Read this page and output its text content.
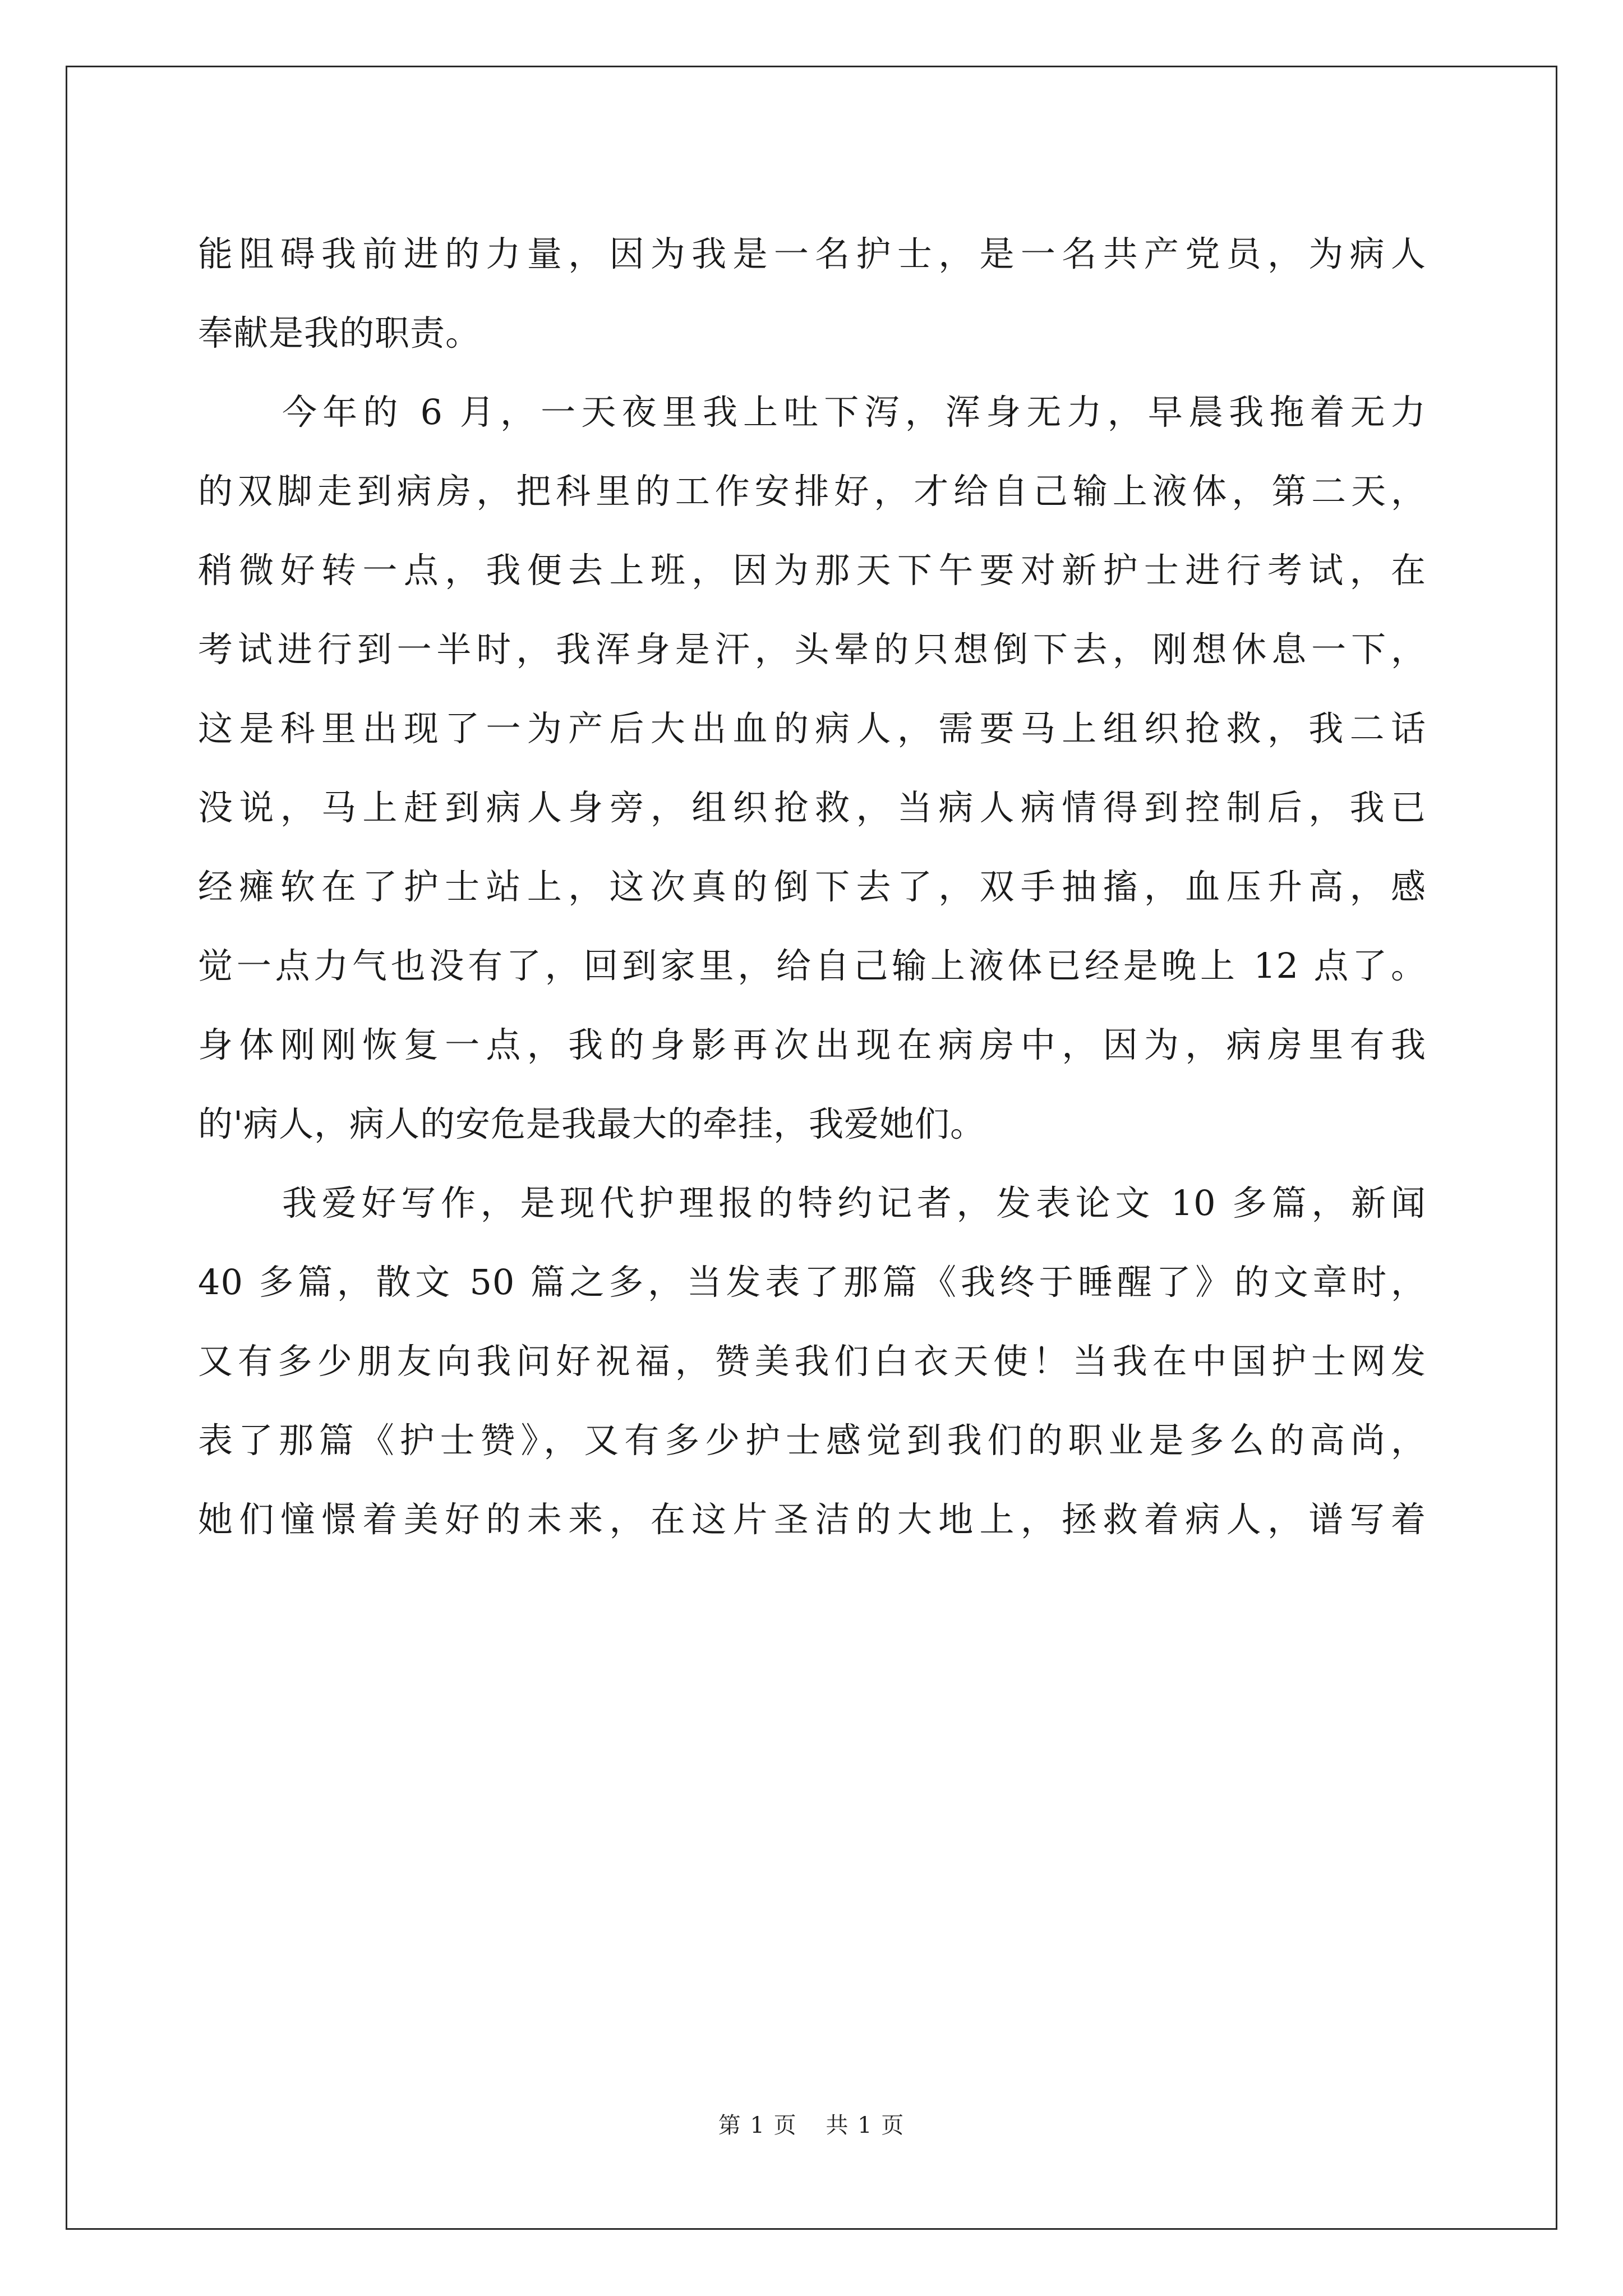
能阻碍我前进的力量，因为我是一名护士，是一名共产党员，为病人
奉献是我的职责。
今年的 6 月，一天夜里我上吐下泻，浑身无力，早晨我拖着无力
的双脚走到病房，把科里的工作安排好，才给自己输上液体，第二天，
稍微好转一点，我便去上班，因为那天下午要对新护士进行考试，在
考试进行到一半时，我浑身是汗，头晕的只想倒下去，刚想休息一下，
这是科里出现了一为产后大出血的病人，需要马上组织抢救，我二话
没说，马上赶到病人身旁，组织抢救，当病人病情得到控制后，我已
经瘫软在了护士站上，这次真的倒下去了，双手抽搐，血压升高，感
觉一点力气也没有了，回到家里，给自己输上液体已经是晚上 12 点了。
身体刚刚恢复一点，我的身影再次出现在病房中，因为，病房里有我
的'病人，病人的安危是我最大的牵挂，我爱她们。
我爱好写作，是现代护理报的特约记者，发表论文 10 多篇，新闻
40 多篇，散文 50 篇之多，当发表了那篇《我终于睡醒了》的文章时，
又有多少朋友向我问好祝福，赞美我们白衣天使！当我在中国护士网发
表了那篇《护士赞》，又有多少护士感觉到我们的职业是多么的高尚，
她们憧憬着美好的未来，在这片圣洁的大地上，拯救着病人，谱写着
第 1 页 共 1 页
